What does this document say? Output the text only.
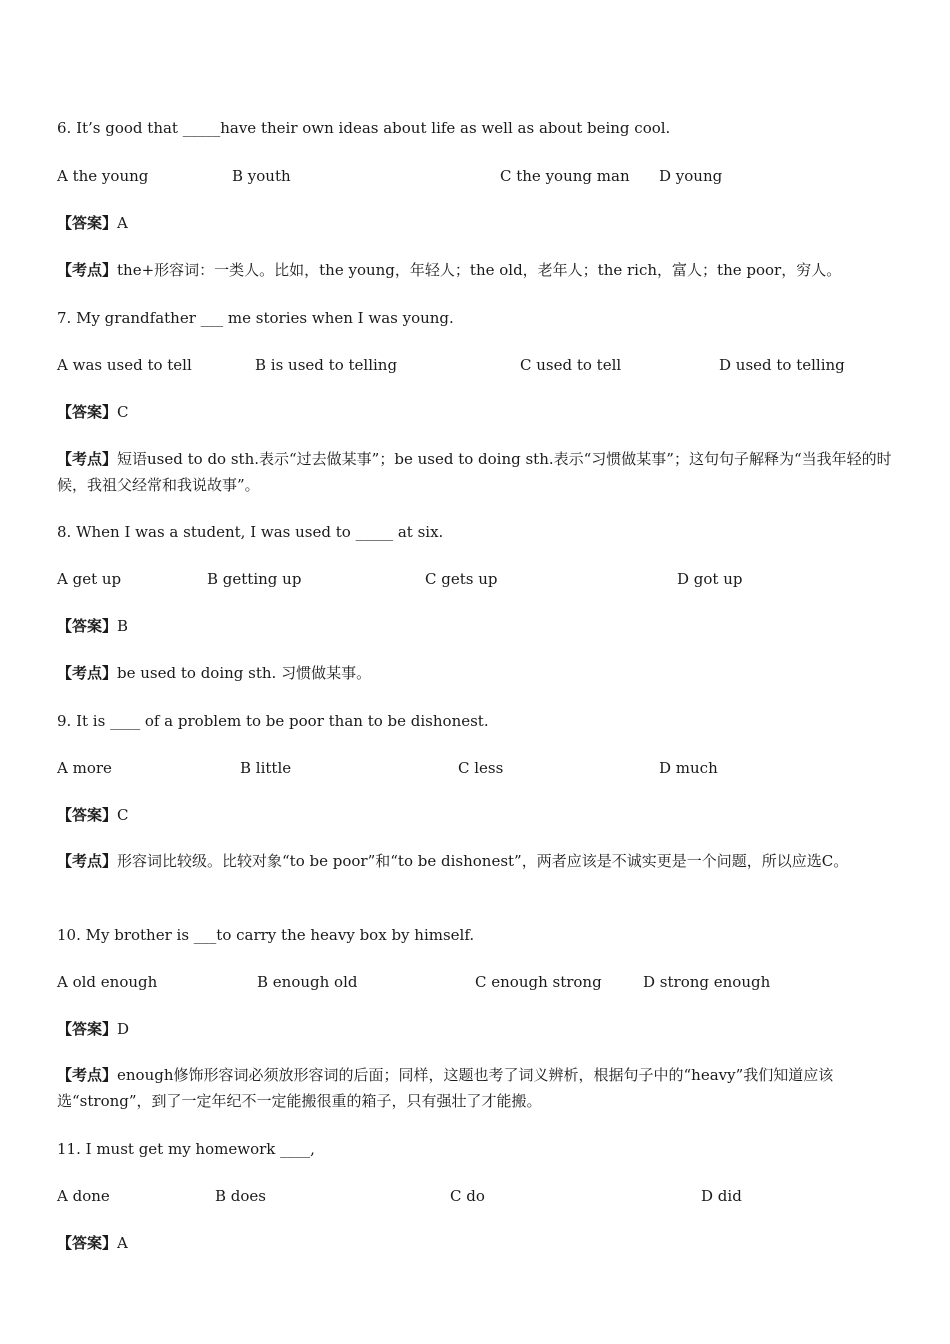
6. It’s good that _____have their own ideas about life as well as about being cool.
A the young	B youth	C the young man D young
【答案】A
【考点】the+形容词：一类人。比如，the young，年轻人；the old，老年人；the rich，富人；the poor，穷人。
7. My grandfather ___ me stories when I was young.
A was used to tell	B is used to telling	C used to tell	D used to telling
【答案】C
【考点】短语used to do sth.表示“过去做某事”；be used to doing sth.表示“习惯做某事”；这句句子解释为“当我年轻的时候，我祖父经常和我说故事”。
8. When I was a student, I was used to _____ at six.
A get up	B getting up	C gets up	D got up
【答案】B
【考点】be used to doing sth. 习惯做某事。
9. It is ____ of a problem to be poor than to be dishonest.
A more	B little	C less	D much
【答案】C
【考点】形容词比较级。比较对象“to be poor”和“to be dishonest”，两者应该是不诚实更是一个问题，所以应选C。
10. My brother is ___to carry the heavy box by himself.
A old enough	B enough old	C enough strong	D strong enough
【答案】D
【考点】enough修饰形容词必须放形容词的后面；同样，这题也考了词义辨析，根据句子中的“heavy”我们知道应该选“strong”，到了一定年纪不一定能搬很重的箱子，只有强壮了才能搬。
11. I must get my homework ____,
A done	B does	C do	D did
【答案】A
